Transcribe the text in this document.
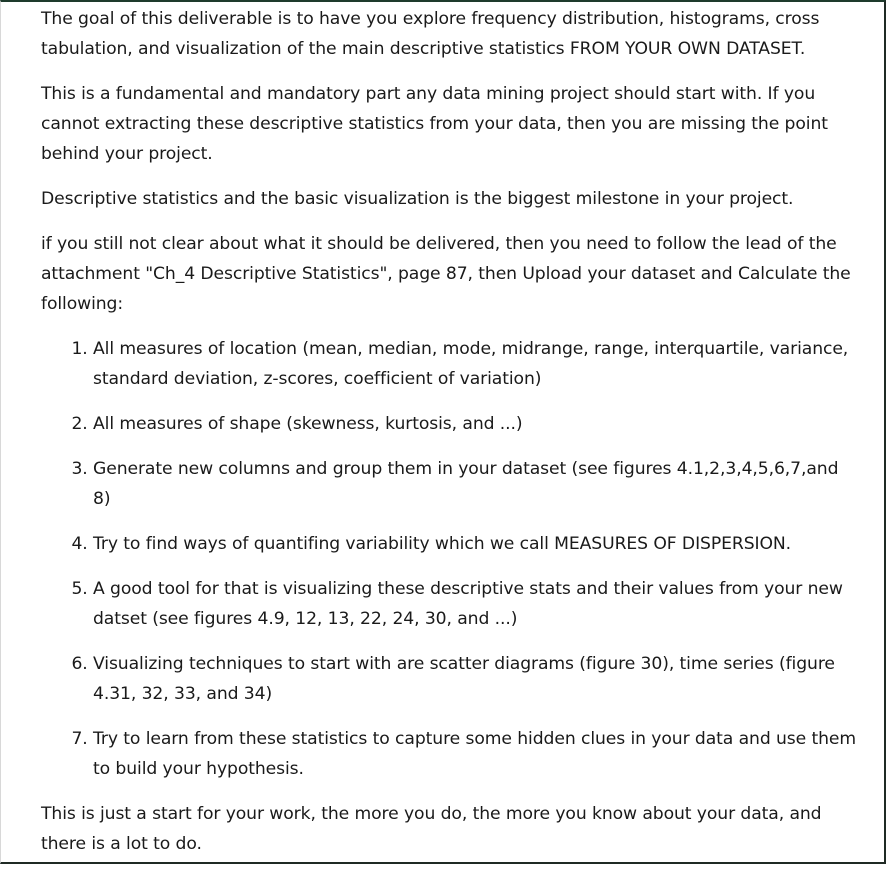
The goal of this deliverable is to have you explore frequency distribution, histograms, cross tabulation, and visualization of the main descriptive statistics FROM YOUR OWN DATASET.

This is a fundamental and mandatory part any data mining project should start with. If you cannot extracting these descriptive statistics from your data, then you are missing the point behind your project.

Descriptive statistics and the basic visualization is the biggest milestone in your project.

if you still not clear about what it should be delivered, then you need to follow the lead of the attachment "Ch_4 Descriptive Statistics", page 87, then Upload your dataset and Calculate the following:

1. All measures of location (mean, median, mode, midrange, range, interquartile, variance, standard deviation, z-scores, coefficient of variation)
2. All measures of shape (skewness, kurtosis, and ...)
3. Generate new columns and group them in your dataset (see figures 4.1,2,3,4,5,6,7,and 8)
4. Try to find ways of quantifing variability which we call MEASURES OF DISPERSION.
5. A good tool for that is visualizing these descriptive stats and their values from your new datset (see figures 4.9, 12, 13, 22, 24, 30, and ...)
6. Visualizing techniques to start with are scatter diagrams (figure 30), time series (figure 4.31, 32, 33, and 34)
7. Try to learn from these statistics to capture some hidden clues in your data and use them to build your hypothesis.

This is just a start for your work, the more you do, the more you know about your data, and there is a lot to do.
